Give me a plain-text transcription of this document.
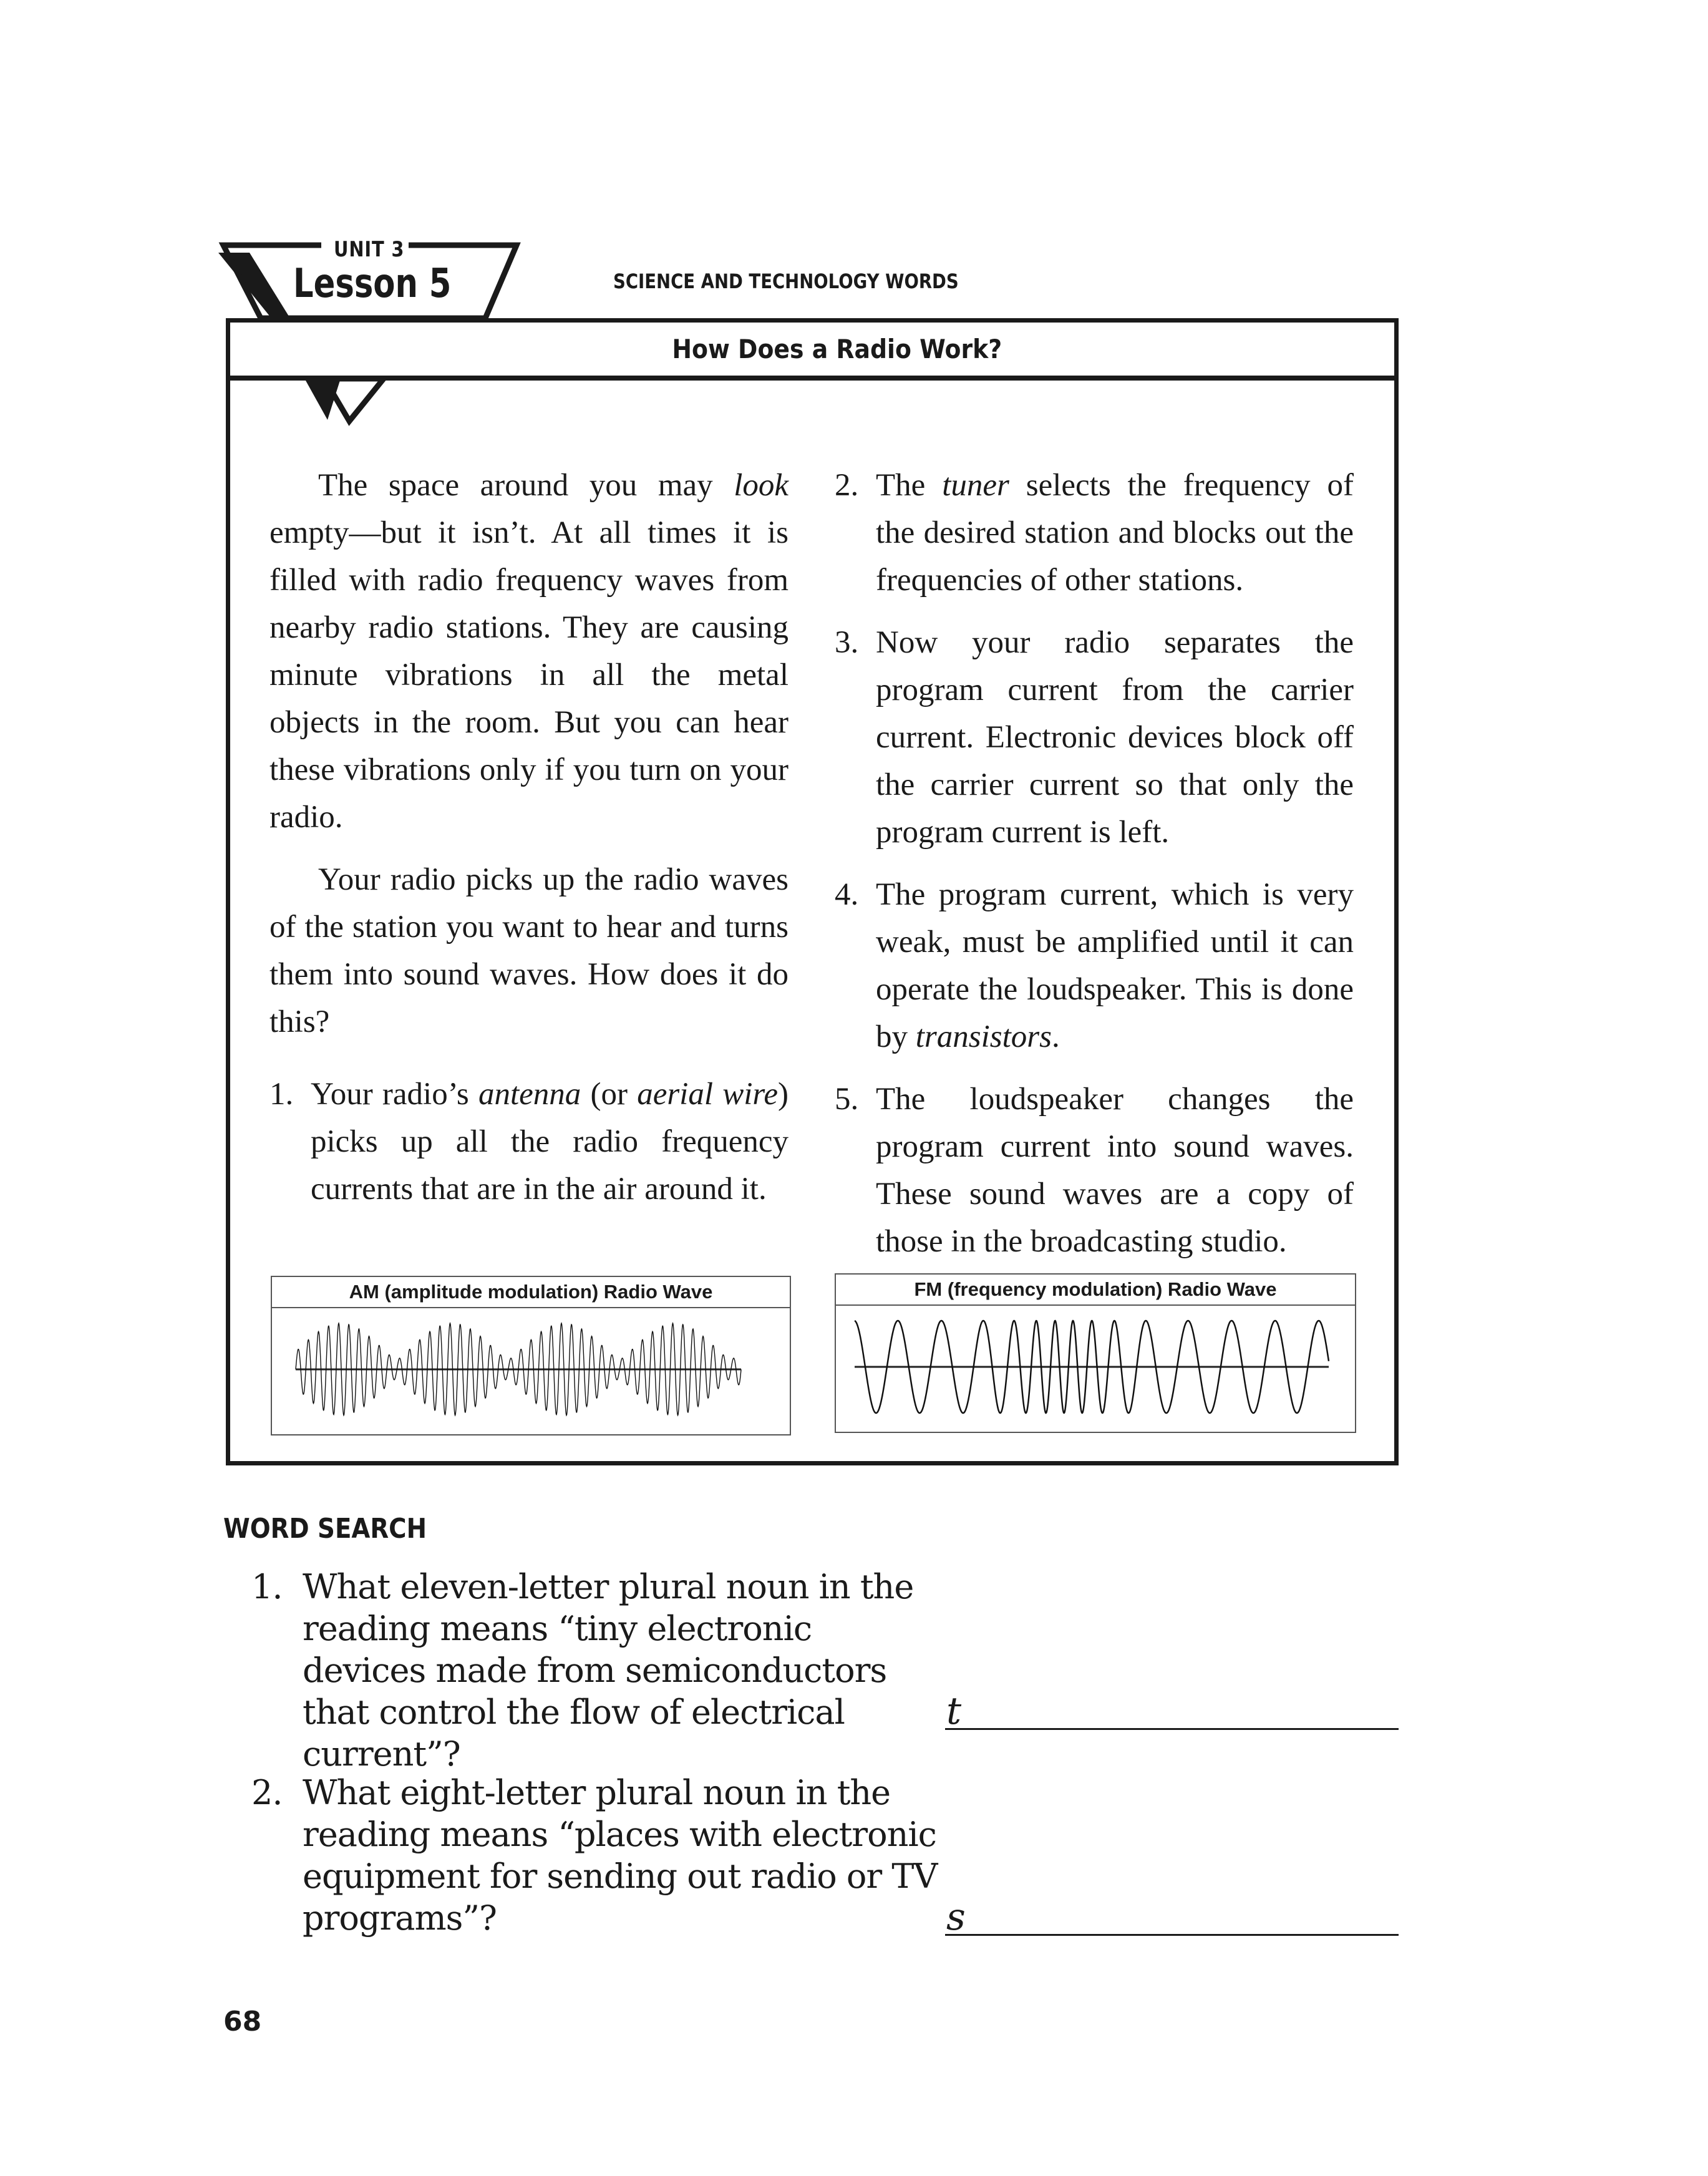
UNIT 3
Lesson 5	SCIENCE AND TECHNOLOGY WORDS
How Does a Radio Work?

The space around you may look empty—but it isn’t. At all times it is filled with radio frequency waves from nearby radio stations. They are causing minute vibrations in all the metal objects in the room. But you can hear these vibrations only if you turn on your radio.

Your radio picks up the radio waves of the station you want to hear and turns them into sound waves. How does it do this?

1. Your radio’s antenna (or aerial wire) picks up all the radio frequency currents that are in the air around it.
2. The tuner selects the frequency of the desired station and blocks out the frequencies of other stations.
3. Now your radio separates the program current from the carrier current. Electronic devices block off the carrier current so that only the program current is left.
4. The program current, which is very weak, must be amplified until it can operate the loudspeaker. This is done by transistors.
5. The loudspeaker changes the program current into sound waves. These sound waves are a copy of those in the broadcasting studio.
AM (amplitude modulation) Radio Wave	FM (frequency modulation) Radio Wave
WORD SEARCH
1. What eleven-letter plural noun in the reading means “tiny electronic devices made from semiconductors that control the flow of electrical current”?
t
2. What eight-letter plural noun in the reading means “places with electronic equipment for sending out radio or TV programs”?	s
68
